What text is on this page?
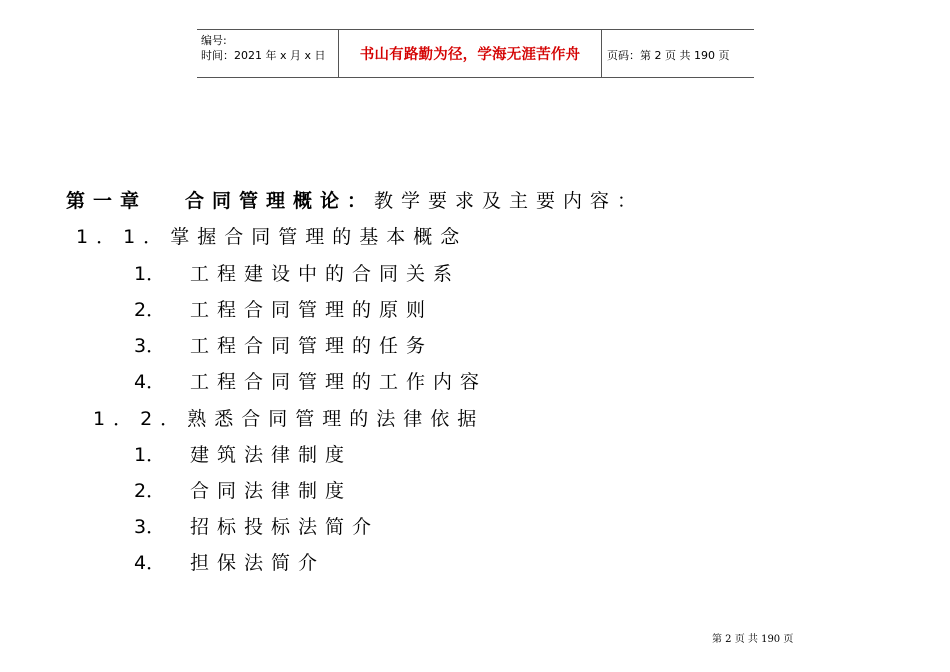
编号:
时间：2021 年 x 月 x 日	书山有路勤为径，学海无涯苦作舟	页码：第 2 页 共 190 页
第一章 合同管理概论：教学要求及主要内容：
1．1．掌握合同管理的基本概念
1． 工程建设中的合同关系
2． 工程合同管理的原则
3． 工程合同管理的任务
4． 工程合同管理的工作内容
1．2．熟悉合同管理的法律依据
1． 建筑法律制度
2． 合同法律制度
3． 招标投标法简介
4． 担保法简介
第 2 页 共 190 页
